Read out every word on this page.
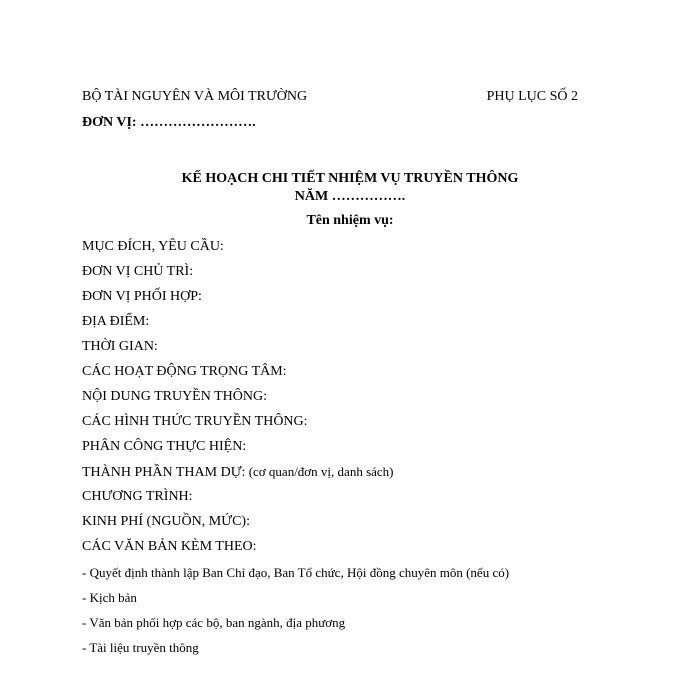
BỘ TÀI NGUYÊN VÀ MÔI TRƯỜNG	PHỤ LỤC SỐ 2
ĐƠN VỊ: …………………….
KẾ HOẠCH CHI TIẾT NHIỆM VỤ TRUYỀN THÔNG
NĂM …………….
Tên nhiệm vụ:
MỤC ĐÍCH, YÊU CẦU:
ĐƠN VỊ CHỦ TRÌ:
ĐƠN VỊ PHỐI HỢP:
ĐỊA ĐIỂM:
THỜI GIAN:
CÁC HOẠT ĐỘNG TRỌNG TÂM:
NỘI DUNG TRUYỀN THÔNG:
CÁC HÌNH THỨC TRUYỀN THÔNG:
PHÂN CÔNG THỰC HIỆN:
THÀNH PHẦN THAM DỰ: (cơ quan/đơn vị, danh sách)
CHƯƠNG TRÌNH:
KINH PHÍ (NGUỒN, MỨC):
CÁC VĂN BẢN KÈM THEO:
- Quyết định thành lập Ban Chỉ đạo, Ban Tổ chức, Hội đồng chuyên môn (nếu có)
- Kịch bản
- Văn bản phối hợp các bộ, ban ngành, địa phương
- Tài liệu truyền thông
